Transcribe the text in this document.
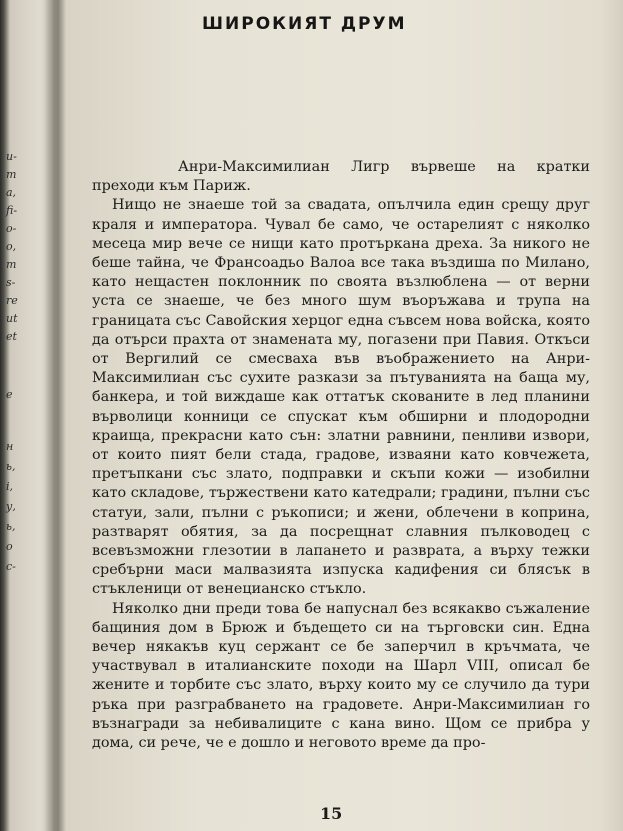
u-
m
a,
fi-
o-
o,
m
s-
re
ut
et
e
н
ь,
i,
у,
ь,
о
с-
ШИРОКИЯТ ДРУМ

Анри-Максимилиан Лигр вървеше на кратки преходи към Париж.

Нищо не знаеше той за свадата, опълчила един срещу друг краля и императора. Чувал бе само, че остарелият с няколко месеца мир вече се нищи като протъркана дреха. За никого не беше тайна, че Франсоадьо Валоа все така въздиша по Милано, като нещастен поклонник по своята възлюблена — от верни уста се знаеше, че без много шум въоръжава и трупа на границата със Савойския херцог една съвсем нова войска, която да отърси прахта от знамената му, погазени при Павия. Откъси от Вергилий се смесваха във въображението на Анри-Максимилиан със сухите разкази за пътуванията на баща му, банкера, и той виждаше как оттатък скованите в лед планини върволици конници се спускат към обширни и плодородни краища, прекрасни като сън: златни равнини, пенливи извори, от които пият бели стада, градове, изваяни като ковчежета, претъпкани със злато, подправки и скъпи кожи — изобилни като складове, тържествени като катедрали; градини, пълни със статуи, зали, пълни с ръкописи; и жени, облечени в коприна, разтварят обятия, за да посрещнат славния пълководец с всевъзможни глезотии в лапането и разврата, а върху тежки сребърни маси малвазията изпуска кадифения си блясък в стъкленици от венецианско стъкло.

Няколко дни преди това бе напуснал без всякакво съжаление бащиния дом в Брюж и бъдещето си на търговски син. Една вечер някакъв куц сержант се бе заперчил в кръчмата, че участвувал в италианските походи на Шарл VIII, описал бе жените и торбите със злато, върху които му се случило да тури ръка при разграбването на градовете. Анри-Максимилиан го възнагради за небивалиците с кана вино. Щом се прибра у дома, си рече, че е дошло и неговото време да про-

15
